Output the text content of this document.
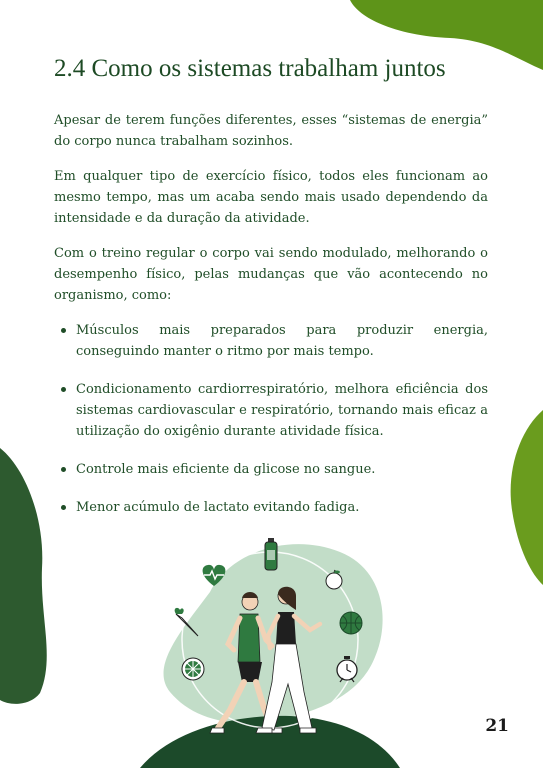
2.4 Como os sistemas trabalham juntos

Apesar de terem funções diferentes, esses “sistemas de energia” do corpo nunca trabalham sozinhos.

Em qualquer tipo de exercício físico, todos eles funcionam ao mesmo tempo, mas um acaba sendo mais usado dependendo da intensidade e da duração da atividade.

Com o treino regular o corpo vai sendo modulado, melhorando o desempenho físico, pelas mudanças que vão acontecendo no organismo, como:

Músculos mais preparados para produzir energia, conseguindo manter o ritmo por mais tempo.
Condicionamento cardiorrespiratório, melhora eficiência dos sistemas cardiovascular e respiratório, tornando mais eficaz a utilização do oxigênio durante atividade física.
Controle mais eficiente da glicose no sangue.
Menor acúmulo de lactato evitando fadiga.
21
